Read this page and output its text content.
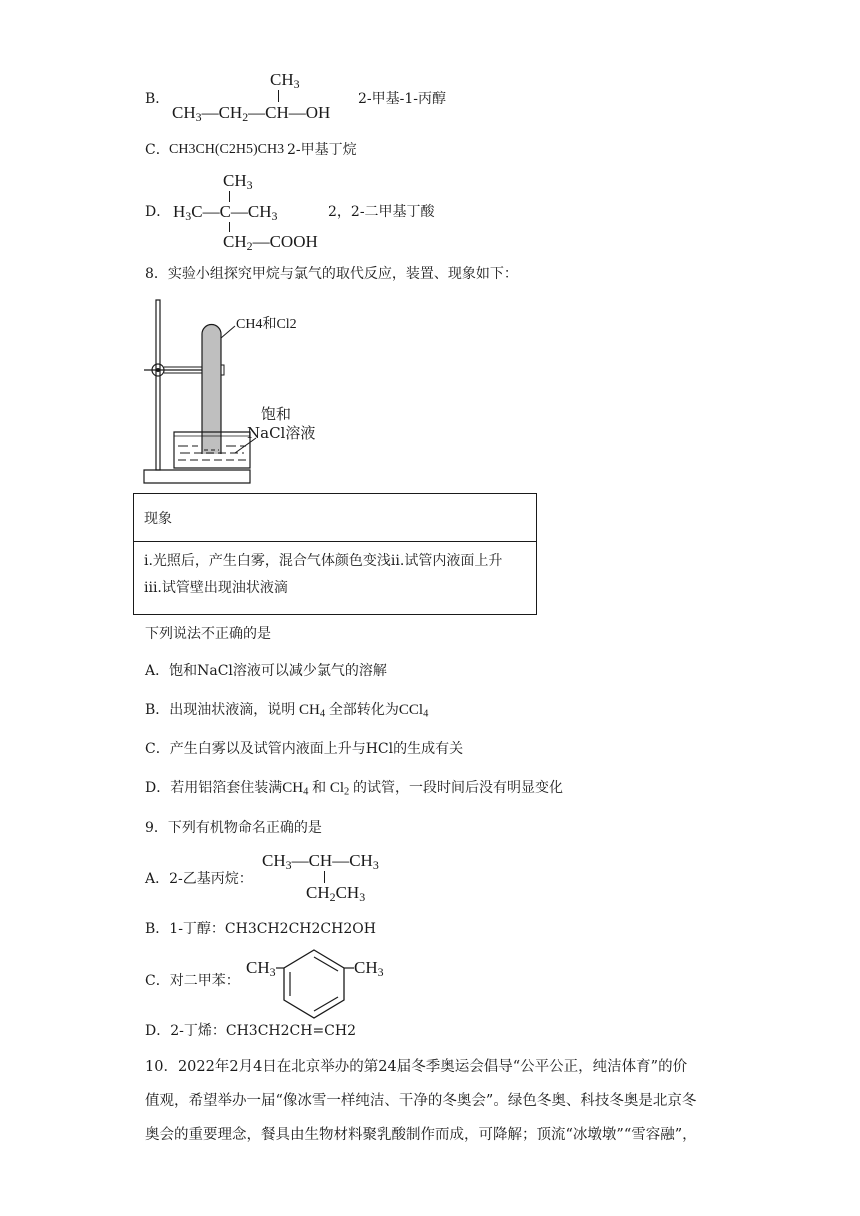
B．
$CH_3$
$CH_3—CH_2—CH—OH$
2-甲基-1-丙醇
C． CH3CH(C2H5)CH3 2-甲基丁烷
D．
$CH_3$
$H_3C—C—CH_3$
$CH_2—COOH$
2，2-二甲基丁酸
8．实验小组探究甲烷与氯气的取代反应，装置、现象如下：
CH4和Cl2
饱和
NaCl溶液
现象
i.光照后，产生白雾，混合气体颜色变浅ii.试管内液面上升
iii.试管壁出现油状液滴
下列说法不正确的是
A．饱和NaCl溶液可以减少氯气的溶解
B．出现油状液滴，说明 $CH_4$ 全部转化为CCl$_4$
C．产生白雾以及试管内液面上升与HCl的生成有关
D．若用铝箔套住装满$CH_4$ 和 $Cl_2$ 的试管，一段时间后没有明显变化
9．下列有机物命名正确的是
A．2-乙基丙烷：
$CH_3—CH—CH_3$
$CH_2CH_3$
B．1-丁醇：CH3CH2CH2CH2OH
C．对二甲苯：
$CH_3$	$CH_3$
D．2-丁烯：CH3CH2CH=CH2
10．2022年2月4日在北京举办的第24届冬季奥运会倡导“公平公正，纯洁体育”的价
值观，希望举办一届“像冰雪一样纯洁、干净的冬奥会”。绿色冬奥、科技冬奥是北京冬
奥会的重要理念，餐具由生物材料聚乳酸制作而成，可降解；顶流“冰墩墩”“雪容融”，
